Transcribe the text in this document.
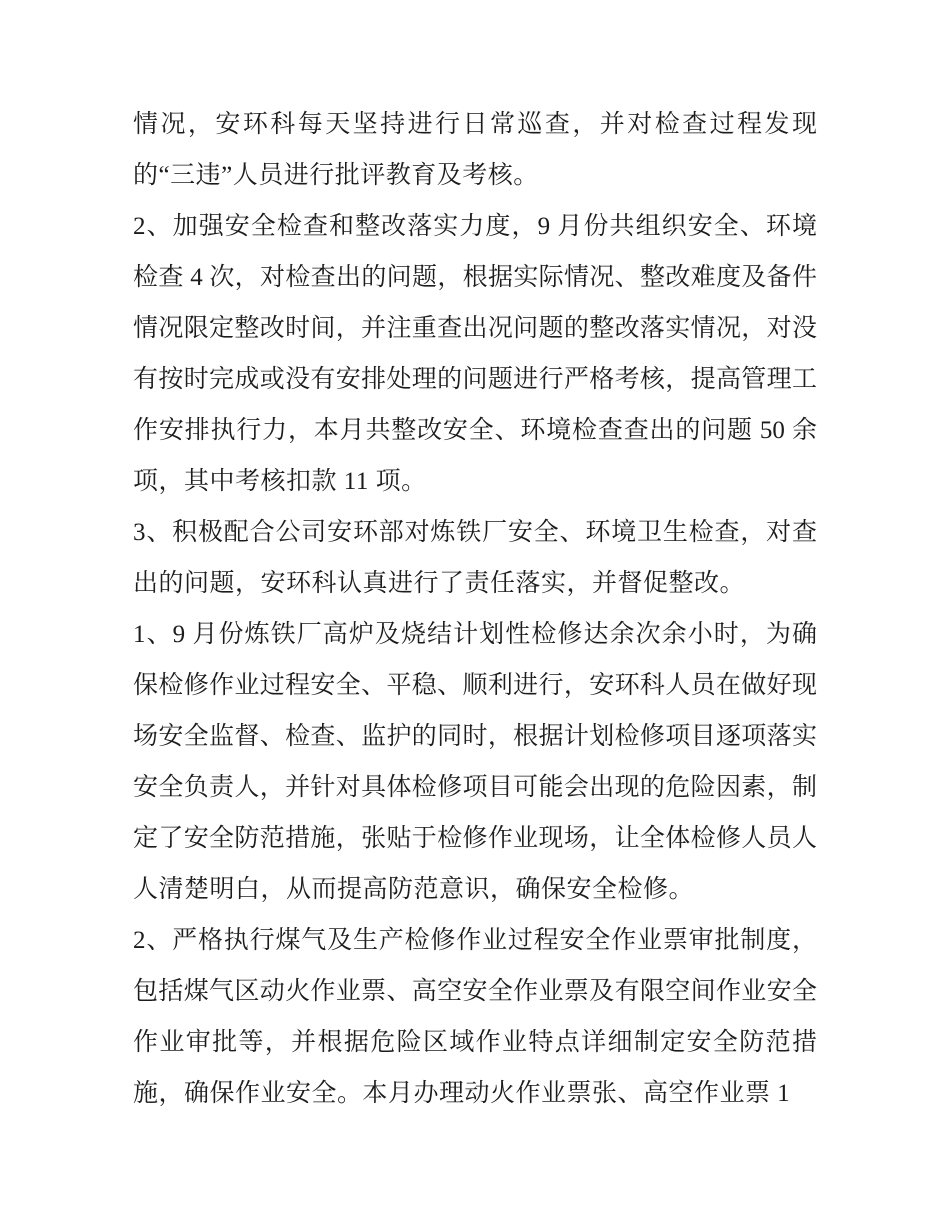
情况，安环科每天坚持进行日常巡查，并对检查过程发现
的“三违”人员进行批评教育及考核。
2、加强安全检查和整改落实力度，9 月份共组织安全、环境
检查 4 次，对检查出的问题，根据实际情况、整改难度及备件
情况限定整改时间，并注重查出况问题的整改落实情况，对没
有按时完成或没有安排处理的问题进行严格考核，提高管理工
作安排执行力，本月共整改安全、环境检查查出的问题 50 余
项，其中考核扣款 11 项。
3、积极配合公司安环部对炼铁厂安全、环境卫生检查，对查
出的问题，安环科认真进行了责任落实，并督促整改。
1、9 月份炼铁厂高炉及烧结计划性检修达余次余小时，为确
保检修作业过程安全、平稳、顺利进行，安环科人员在做好现
场安全监督、检查、监护的同时，根据计划检修项目逐项落实
安全负责人，并针对具体检修项目可能会出现的危险因素，制
定了安全防范措施，张贴于检修作业现场，让全体检修人员人
人清楚明白，从而提高防范意识，确保安全检修。
2、严格执行煤气及生产检修作业过程安全作业票审批制度，
包括煤气区动火作业票、高空安全作业票及有限空间作业安全
作业审批等，并根据危险区域作业特点详细制定安全防范措
施，确保作业安全。本月办理动火作业票张、高空作业票 1
